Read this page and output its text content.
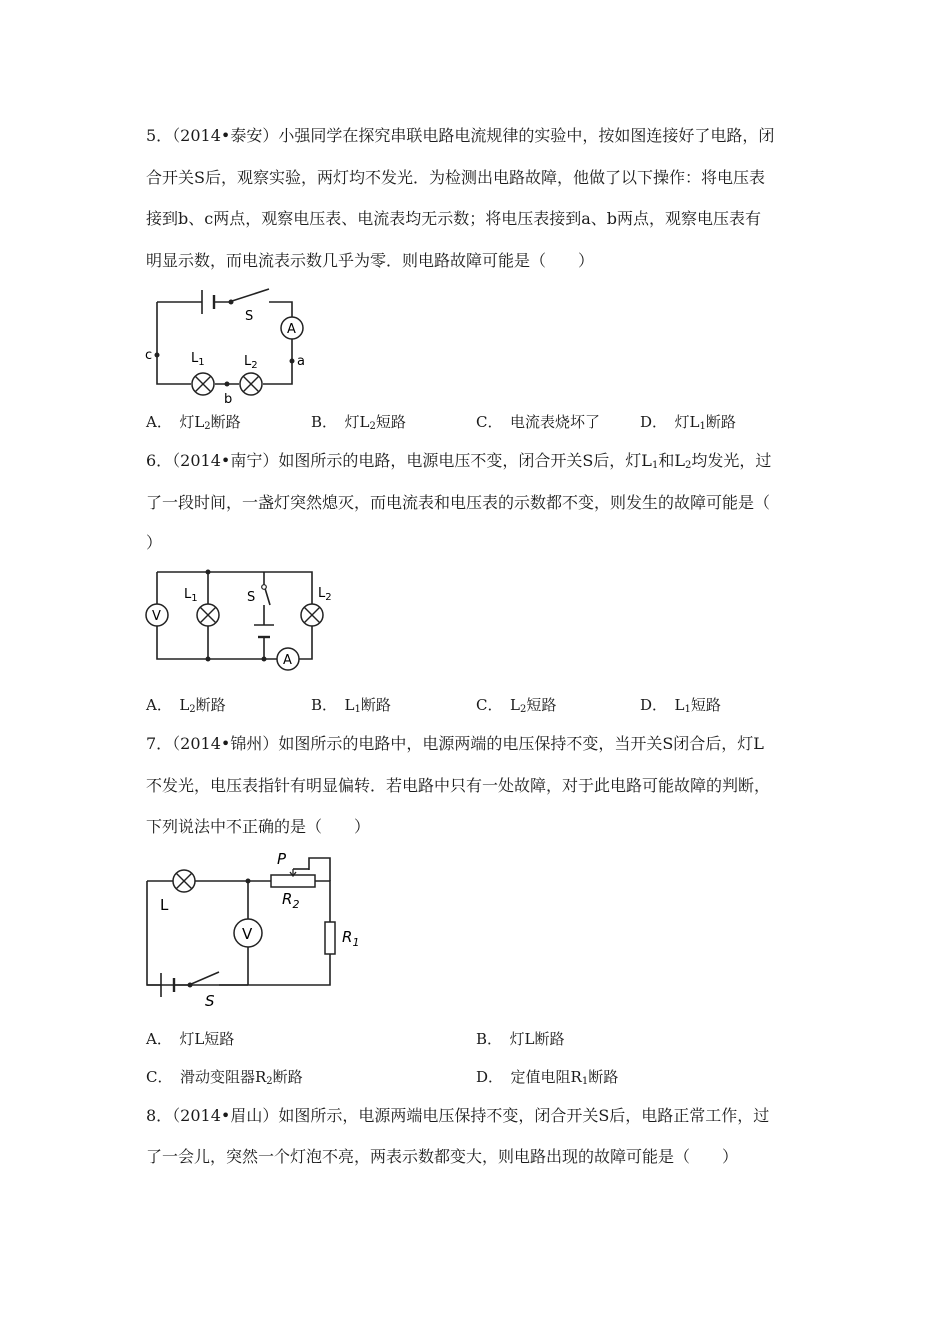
5．（2014•泰安）小强同学在探究串联电路电流规律的实验中，按如图连接好了电路，闭
合开关S后，观察实验，两灯均不发光．为检测出电路故障，他做了以下操作：将电压表
接到b、c两点，观察电压表、电流表均无示数；将电压表接到a、b两点，观察电压表有
明显示数，而电流表示数几乎为零．则电路故障可能是（　　）
S
A
a
c
b
$L_1$	$L_2$
A．　灯$L_2$断路	B．　灯$L_2$短路	C．　电流表烧坏了	D．　灯$L_1$断路
6．（2014•南宁）如图所示的电路，电源电压不变，闭合开关S后，灯$L_1$和$L_2$均发光，过
了一段时间，一盏灯突然熄灭，而电流表和电压表的示数都不变，则发生的故障可能是（
）
S
V
$L_1$	$L_2$
A
A．　$L_2$断路	B．　$L_1$断路	C．　$L_2$短路	D．　$L_1$短路
7．（2014•锦州）如图所示的电路中，电源两端的电压保持不变，当开关S闭合后，灯L
不发光，电压表指针有明显偏转．若电路中只有一处故障，对于此电路可能故障的判断，
下列说法中不正确的是（　　）
L
V
P
$R_2$
$R_1$
S
A．　灯L短路	B．　灯L断路
C．　滑动变阻器$R_2$断路	D．　定值电阻$R_1$断路
8．（2014•眉山）如图所示，电源两端电压保持不变，闭合开关S后，电路正常工作，过
了一会儿，突然一个灯泡不亮，两表示数都变大，则电路出现的故障可能是（　　）
